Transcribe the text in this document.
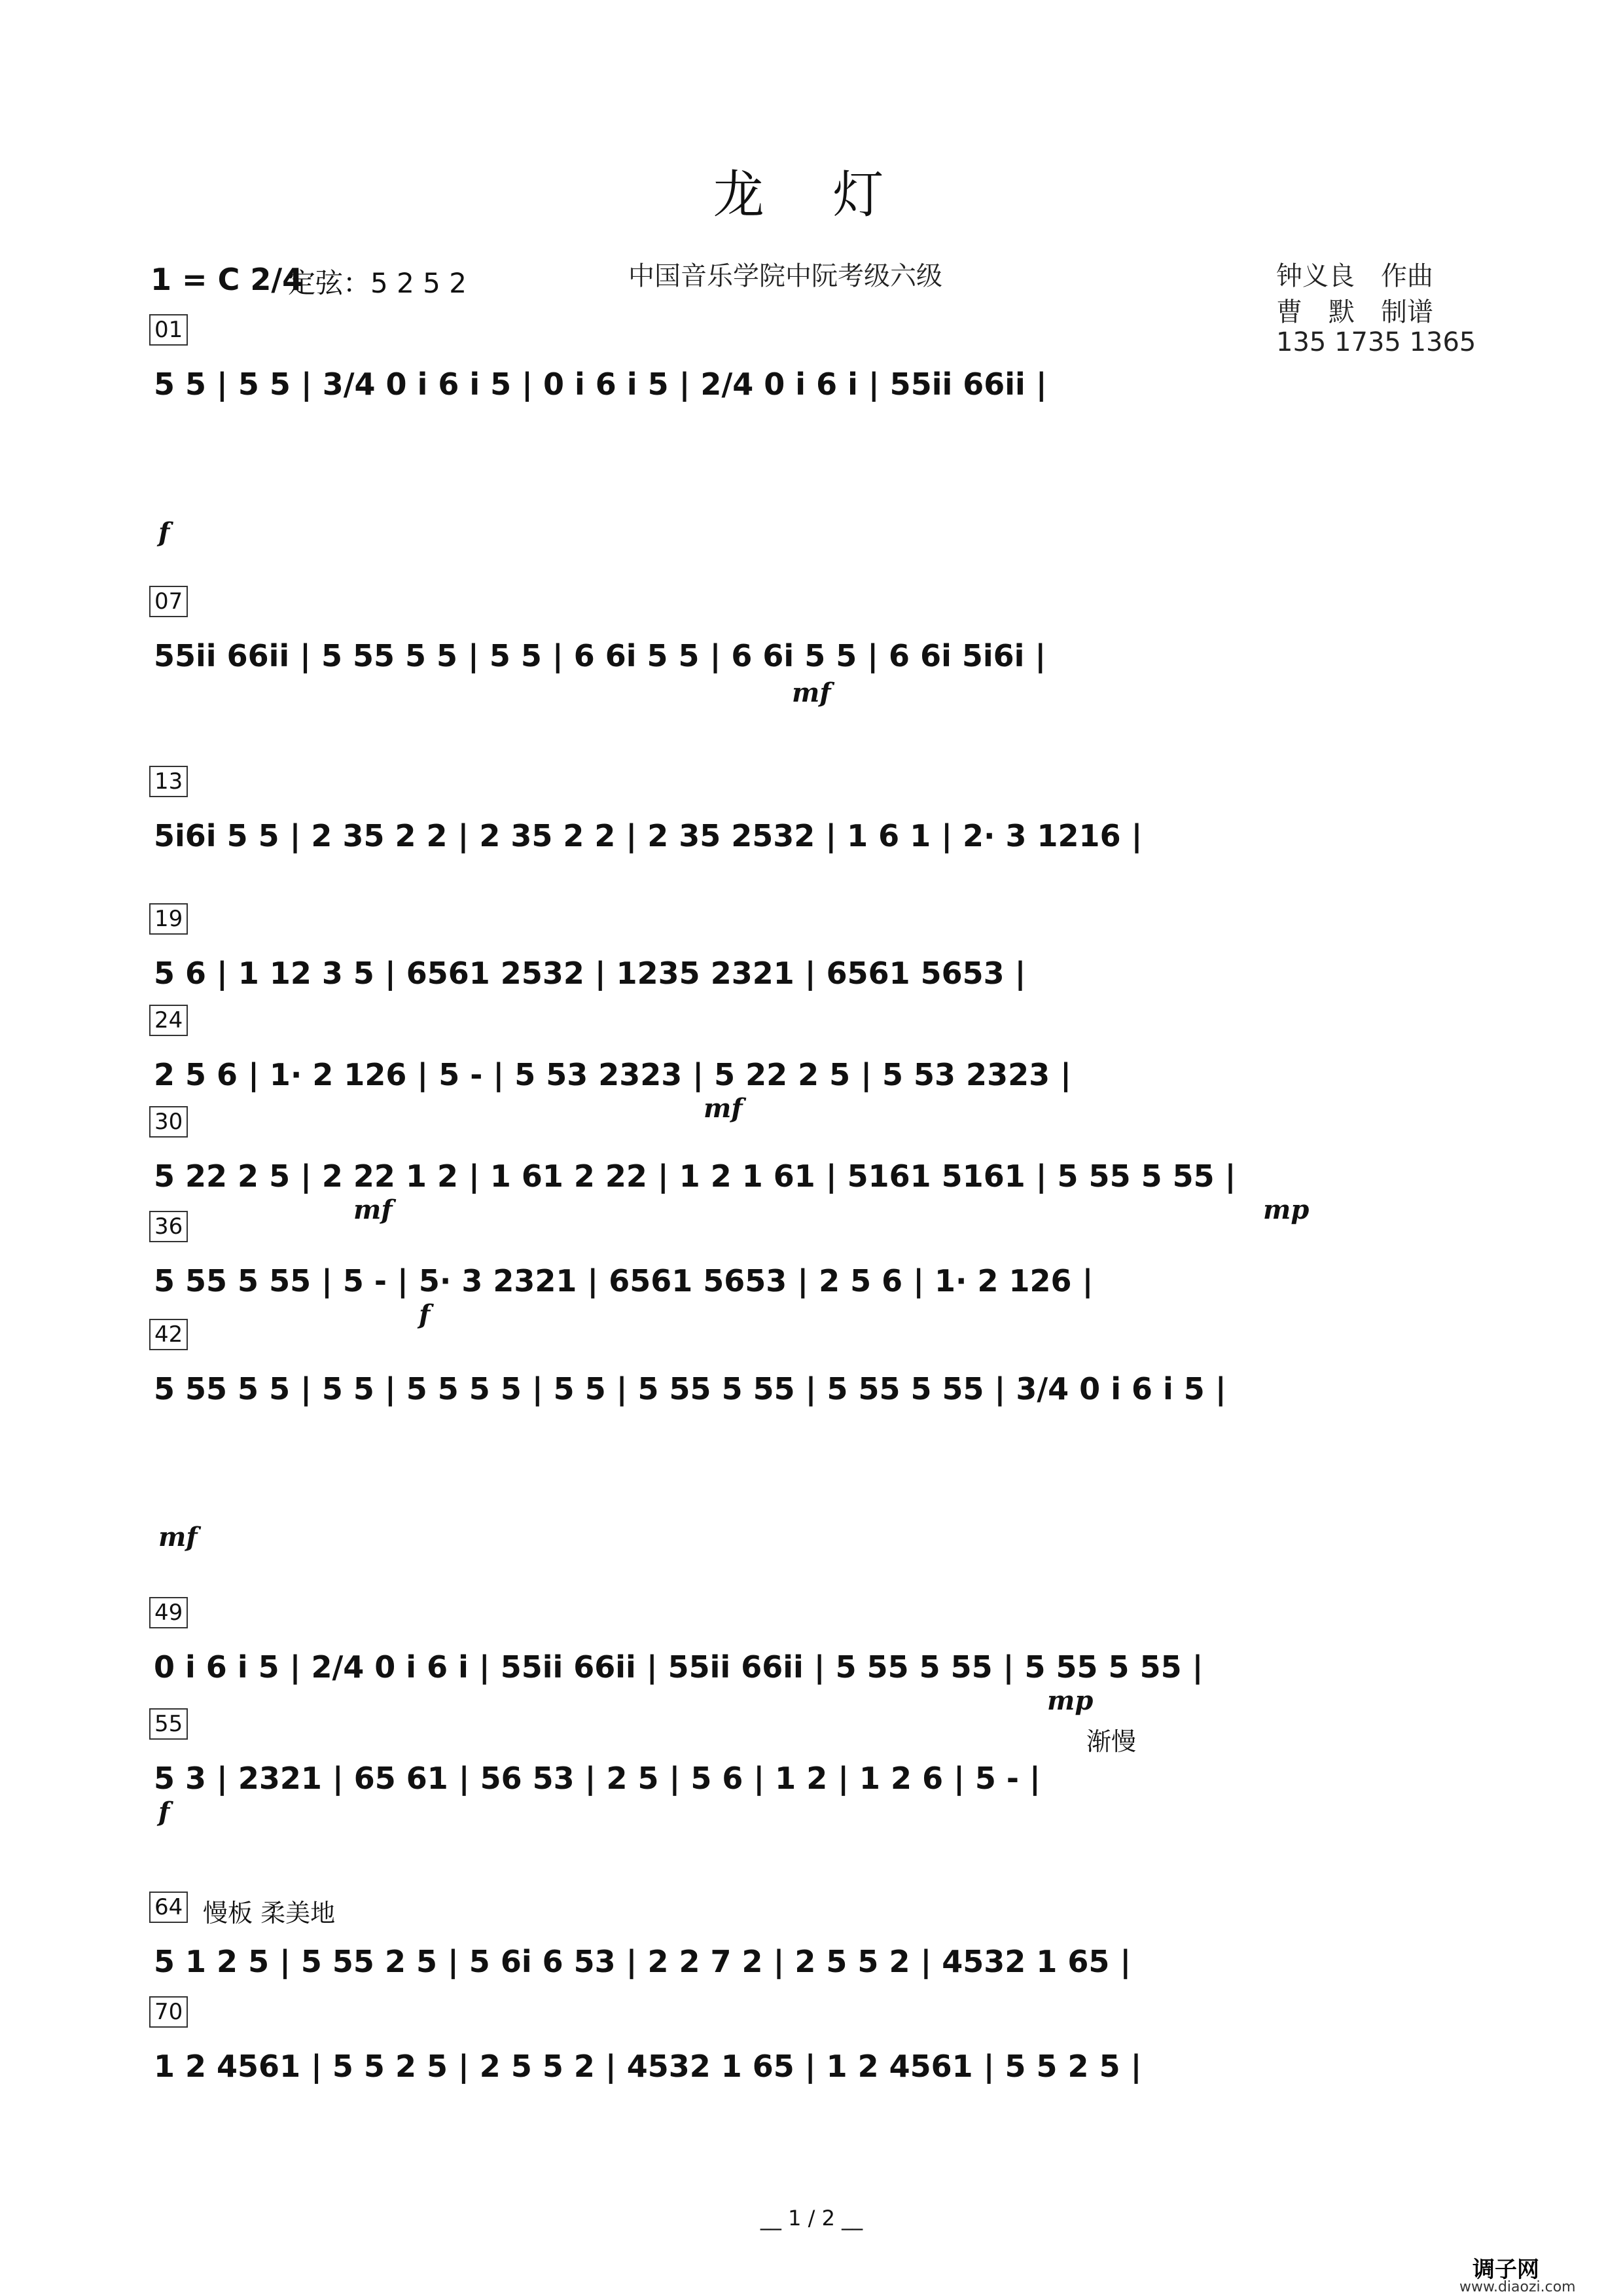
龙 灯
1 = C 2/4
定弦：5 2 5 2	中国音乐学院中阮考级六级	钟义良　作曲
曹　默　制谱
135 1735 1365
01
5 5 | 5 5 | 3/4 0 i 6 i 5 | 0 i 6 i 5 | 2/4 0 i 6 i | 55ii 66ii |
f
07
55ii 66ii | 5 55 5 5 | 5 5 | 6 6i 5 5 | 6 6i 5 5 | 6 6i 5i6i |
mf
13
5i6i 5 5 | 2 35 2 2 | 2 35 2 2 | 2 35 2532 | 1 6 1 | 2· 3 1216 |
19
5 6 | 1 12 3 5 | 6561 2532 | 1235 2321 | 6561 5653 |
24
2 5 6 | 1· 2 126 | 5 - | 5 53 2323 | 5 22 2 5 | 5 53 2323 |
mf
30
5 22 2 5 | 2 22 1 2 | 1 61 2 22 | 1 2 1 61 | 5161 5161 | 5 55 5 55 |
mf	mp
36
5 55 5 55 | 5 - | 5· 3 2321 | 6561 5653 | 2 5 6 | 1· 2 126 |
f
42
5 55 5 5 | 5 5 | 5 5 5 5 | 5 5 | 5 55 5 55 | 5 55 5 55 | 3/4 0 i 6 i 5 |
mf
49
0 i 6 i 5 | 2/4 0 i 6 i | 55ii 66ii | 55ii 66ii | 5 55 5 55 | 5 55 5 55 |
mp
55
渐慢
5 3 | 2321 | 65 61 | 56 53 | 2 5 | 5 6 | 1 2 | 1 2 6 | 5 - |
f
64 慢板 柔美地
5 1 2 5 | 5 55 2 5 | 5 6i 6 53 | 2 2 7 2 | 2 5 5 2 | 4532 1 65 |
70
1 2 4561 | 5 5 2 5 | 2 5 5 2 | 4532 1 65 | 1 2 4561 | 5 5 2 5 |
__ 1 / 2 __
调子网
www.diaozi.com
